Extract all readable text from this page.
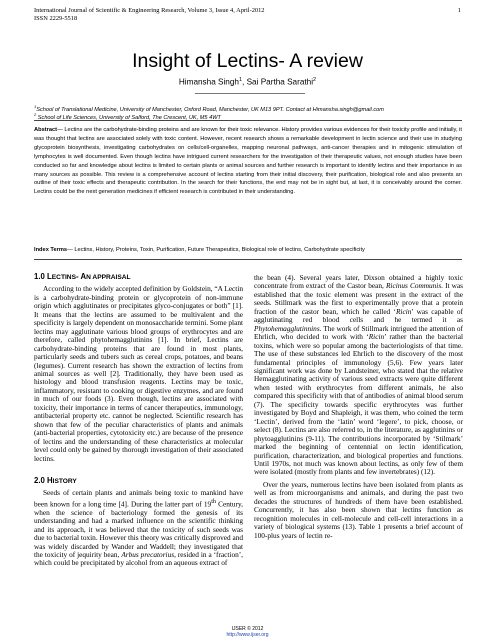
International Journal of Scientific & Engineering Research, Volume 3, Issue 4, April-2012
ISSN 2229-5518
1
Insight of Lectins- A review
Himansha Singh$^1$, Sai Partha Sarathi$^2$
$^1$School of Translational Medicine, University of Manchester, Oxford Road, Manchester, UK M13 9PT. Contact at Himansha.singh@gmail.com
$^2$ School of Life Sciences, University of Salford, The Crescent, UK, M5 4WT
Abstract— Lectins are the carbohydrate-binding proteins and are known for their toxic relevance. History provides various evidences for their toxicity profile and initially, it was thought that lectins are associated solely with toxic content. However, recent research shows a remarkable development in lectin science and their use in studying glycoprotein biosynthesis, investigating carbohydrates on cells/cell-organelles, mapping neuronal pathways, anti-cancer therapies and in mitogenic stimulation of lymphocytes is well documented. Even though lectins have intrigued current researchers for the investigation of their therapeutic values, not enough studies have been conducted so far and knowledge about lectins is limited to certain plants or animal sources and further research is important to identify lectins and their importance in as many sources as possible. This review is a comprehensive account of lectins starting from their initial discovery, their purification, biological role and also presents an outline of their toxic effects and therapeutic contribution. In the search for their functions, the end may not be in sight but, at last, it is conceivably around the corner. Lectins could be the next generation medicines if efficient research is contributed in their understanding.
Index Terms— Lectins, History, Proteins, Toxin, Purification, Future Therapeutics, Biological role of lectins, Carbohydrate specificity
1.0 LECTINS- AN APPRAISAL

According to the widely accepted definition by Goldstein, “A Lectin is a carbohydrate-binding protein or glycoprotein of non-immune origin which agglutinates or precipitates glyco-conjugates or both” [1]. It means that the lectins are assumed to be multivalent and the specificity is largely dependent on monosaccharide termini. Some plant lectins may agglutinate various blood groups of erythrocytes and are therefore, called phytohemagglutinins [1]. In brief, Lectins are carbohydrate-binding proteins that are found in most plants, particularly seeds and tubers such as cereal crops, potatoes, and beans (legumes). Current research has shown the extraction of lectins from animal sources as well [2]. Traditionally, they have been used as histology and blood transfusion reagents. Lectins may be toxic, inflammatory, resistant to cooking or digestive enzymes, and are found in much of our foods (3). Even though, lectins are associated with toxicity, their importance in terms of cancer therapeutics, immunology, antibacterial property etc. cannot be neglected. Scientific research has shown that few of the peculiar characteristics of plants and animals (anti-bacterial properties, cytotoxicity etc.) are because of the presence of lectins and the understanding of these characteristics at molecular level could only be gained by thorough investigation of their associated lectins.

2.0 HISTORY

Seeds of certain plants and animals being toxic to mankind have been known for a long time [4]. During the latter part of 19th Century, when the science of bacteriology formed the genesis of its understanding and had a marked influence on the scientific thinking and its approach, it was believed that the toxicity of such seeds was due to bacterial toxin. However this theory was critically disproved and was widely discarded by Wander and Waddell; they investigated that the toxicity of jequirity bean, Arbus precatorius, resided in a ‘fraction’, which could be precipitated by alcohol from an aqueous extract of

the bean (4). Several years later, Dixson obtained a highly toxic concentrate from extract of the Castor bean, Ricinus Communis. It was established that the toxic element was present in the extract of the seeds. Stillmark was the first to experimentally prove that a protein fraction of the castor bean, which he called ‘Ricin’ was capable of agglutinating red blood cells and he termed it as Phytohemagglutinnins. The work of Stillmark intrigued the attention of Ehrlich, who decided to work with ‘Ricin’ rather than the bacterial toxins, which were so popular among the bacteriologists of that time. The use of these substances led Ehrlich to the discovery of the most fundamental principles of immunology (5,6). Few years later significant work was done by Landsteiner, who stated that the relative Hemagglutinating activity of various seed extracts were quite different when tested with erythrocytes from different animals, he also compared this specificity with that of antibodies of animal blood serum (7). The specificity towards specific erythrocytes was further investigated by Boyd and Shapleigh, it was them, who coined the term ‘Lectin’, derived from the ‘latin’ word ‘legere’, to pick, choose, or select (8). Lectins are also referred to, in the literature, as agglutinins or phytoagglutinins (9-11). The contributions incorporated by ‘Stilmark’ marked the beginning of centennial on lectin identification, purification, characterization, and biological properties and functions. Until 1970s, not much was known about lectins, as only few of them were isolated (mostly from plants and few invertebrates) (12).

Over the years, numerous lectins have been isolated from plants as well as from microorganisms and animals, and during the past two decades the structures of hundreds of them have been established. Concurrently, it has also been shown that lectins function as recognition molecules in cell-molecule and cell-cell interactions in a variety of biological systems (13). Table 1 presents a brief account of 100-plus years of lectin re-

IJSER © 2012
http://www.ijser.org
